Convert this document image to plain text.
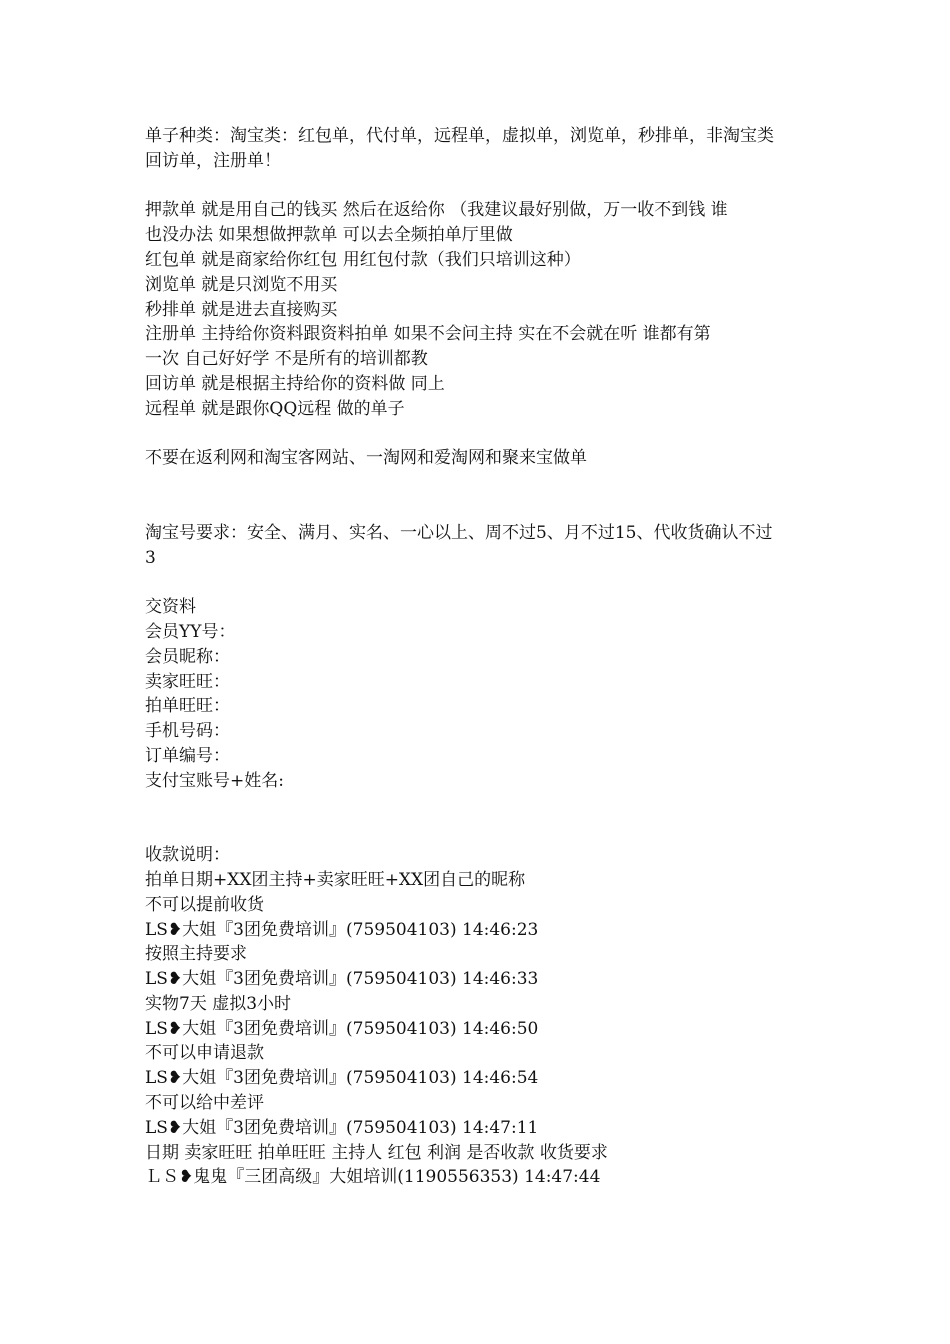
单子种类：淘宝类：红包单，代付单，远程单，虚拟单，浏览单，秒排单，非淘宝类
回访单，注册单！
押款单 就是用自己的钱买 然后在返给你 （我建议最好别做，万一收不到钱 谁
也没办法 如果想做押款单 可以去全频拍单厅里做
红包单 就是商家给你红包 用红包付款（我们只培训这种）
浏览单 就是只浏览不用买
秒排单 就是进去直接购买
注册单 主持给你资料跟资料拍单 如果不会问主持 实在不会就在听 谁都有第
一次 自己好好学 不是所有的培训都教
回访单 就是根据主持给你的资料做 同上
远程单 就是跟你QQ远程 做的单子
不要在返利网和淘宝客网站、一淘网和爱淘网和聚来宝做单
淘宝号要求：安全、满月、实名、一心以上、周不过5、月不过15、代收货确认不过
3
交资料
会员YY号：
会员昵称：
卖家旺旺：
拍单旺旺：
手机号码：
订单编号：
支付宝账号+姓名:
收款说明：
拍单日期+XX团主持+卖家旺旺+XX团自己的昵称
不可以提前收货
LS❥大姐『3团免费培训』(759504103) 14:46:23
按照主持要求
LS❥大姐『3团免费培训』(759504103) 14:46:33
实物7天 虚拟3小时
LS❥大姐『3团免费培训』(759504103) 14:46:50
不可以申请退款
LS❥大姐『3团免费培训』(759504103) 14:46:54
不可以给中差评
LS❥大姐『3团免费培训』(759504103) 14:47:11
日期 卖家旺旺 拍单旺旺 主持人 红包 利润 是否收款 收货要求
ＬＳ❥鬼鬼『三团高级』大姐培训(1190556353) 14:47:44
